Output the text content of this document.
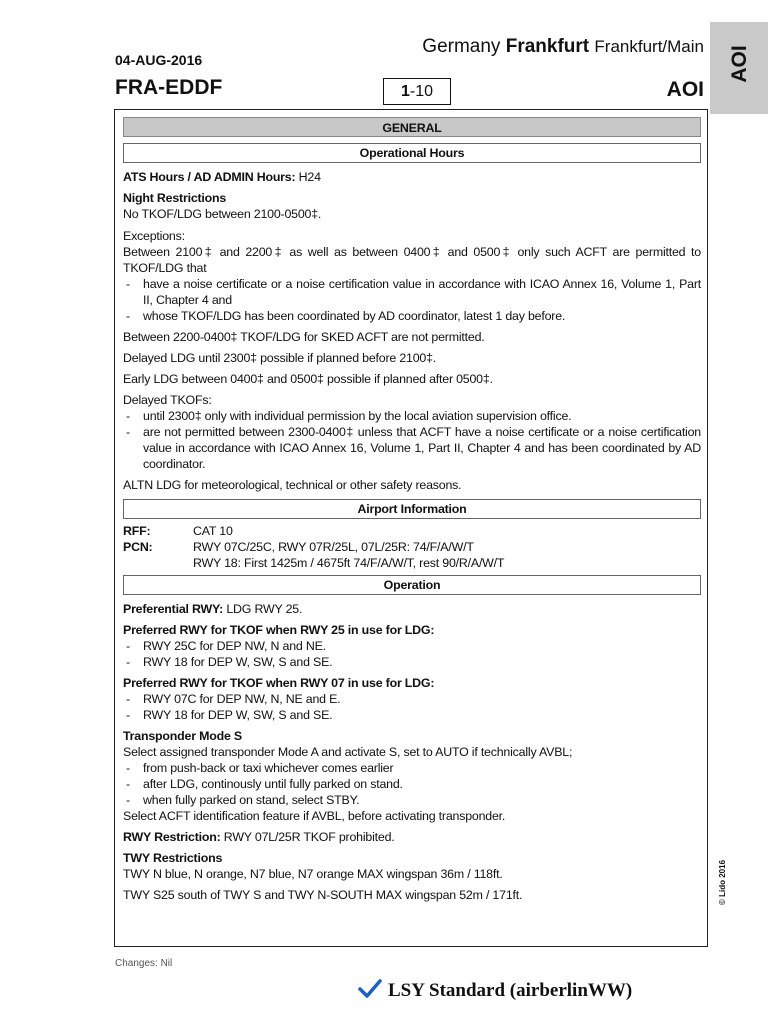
AOI
04-AUG-2016
FRA-EDDF
Germany Frankfurt Frankfurt/Main
1-10	AOI
GENERAL
Operational Hours

ATS Hours / AD ADMIN Hours: H24

Night Restrictions

No TKOF/LDG between 2100-0500‡.

Exceptions:

Between 2100‡ and 2200‡ as well as between 0400‡ and 0500‡ only such ACFT are permitted to TKOF/LDG that

- have a noise certificate or a noise certification value in accordance with ICAO Annex 16, Volume 1, Part II, Chapter 4 and

- whose TKOF/LDG has been coordinated by AD coordinator, latest 1 day before.

Between 2200-0400‡ TKOF/LDG for SKED ACFT are not permitted.

Delayed LDG until 2300‡ possible if planned before 2100‡.

Early LDG between 0400‡ and 0500‡ possible if planned after 0500‡.

Delayed TKOFs:

- until 2300‡ only with individual permission by the local aviation supervision office.

- are not permitted between 2300-0400‡ unless that ACFT have a noise certificate or a noise certification value in accordance with ICAO Annex 16, Volume 1, Part II, Chapter 4 and has been coordinated by AD coordinator.

ALTN LDG for meteorological, technical or other safety reasons.

Airport Information

RFF:	CAT 10

PCN:	RWY 07C/25C, RWY 07R/25L, 07L/25R: 74/F/A/W/T

RWY 18: First 1425m / 4675ft 74/F/A/W/T, rest 90/R/A/W/T

Operation

Preferential RWY: LDG RWY 25.

Preferred RWY for TKOF when RWY 25 in use for LDG:

- RWY 25C for DEP NW, N and NE.

- RWY 18 for DEP W, SW, S and SE.

Preferred RWY for TKOF when RWY 07 in use for LDG:

- RWY 07C for DEP NW, N, NE and E.

- RWY 18 for DEP W, SW, S and SE.

Transponder Mode S

Select assigned transponder Mode A and activate S, set to AUTO if technically AVBL;

- from push-back or taxi whichever comes earlier

- after LDG, continously until fully parked on stand.

- when fully parked on stand, select STBY.

Select ACFT identification feature if AVBL, before activating transponder.

RWY Restriction: RWY 07L/25R TKOF prohibited.

TWY Restrictions

TWY N blue, N orange, N7 blue, N7 orange MAX wingspan 36m / 118ft.

TWY S25 south of TWY S and TWY N-SOUTH MAX wingspan 52m / 171ft.	© Lido 2016
Changes: Nil
LSY Standard (airberlinWW)
